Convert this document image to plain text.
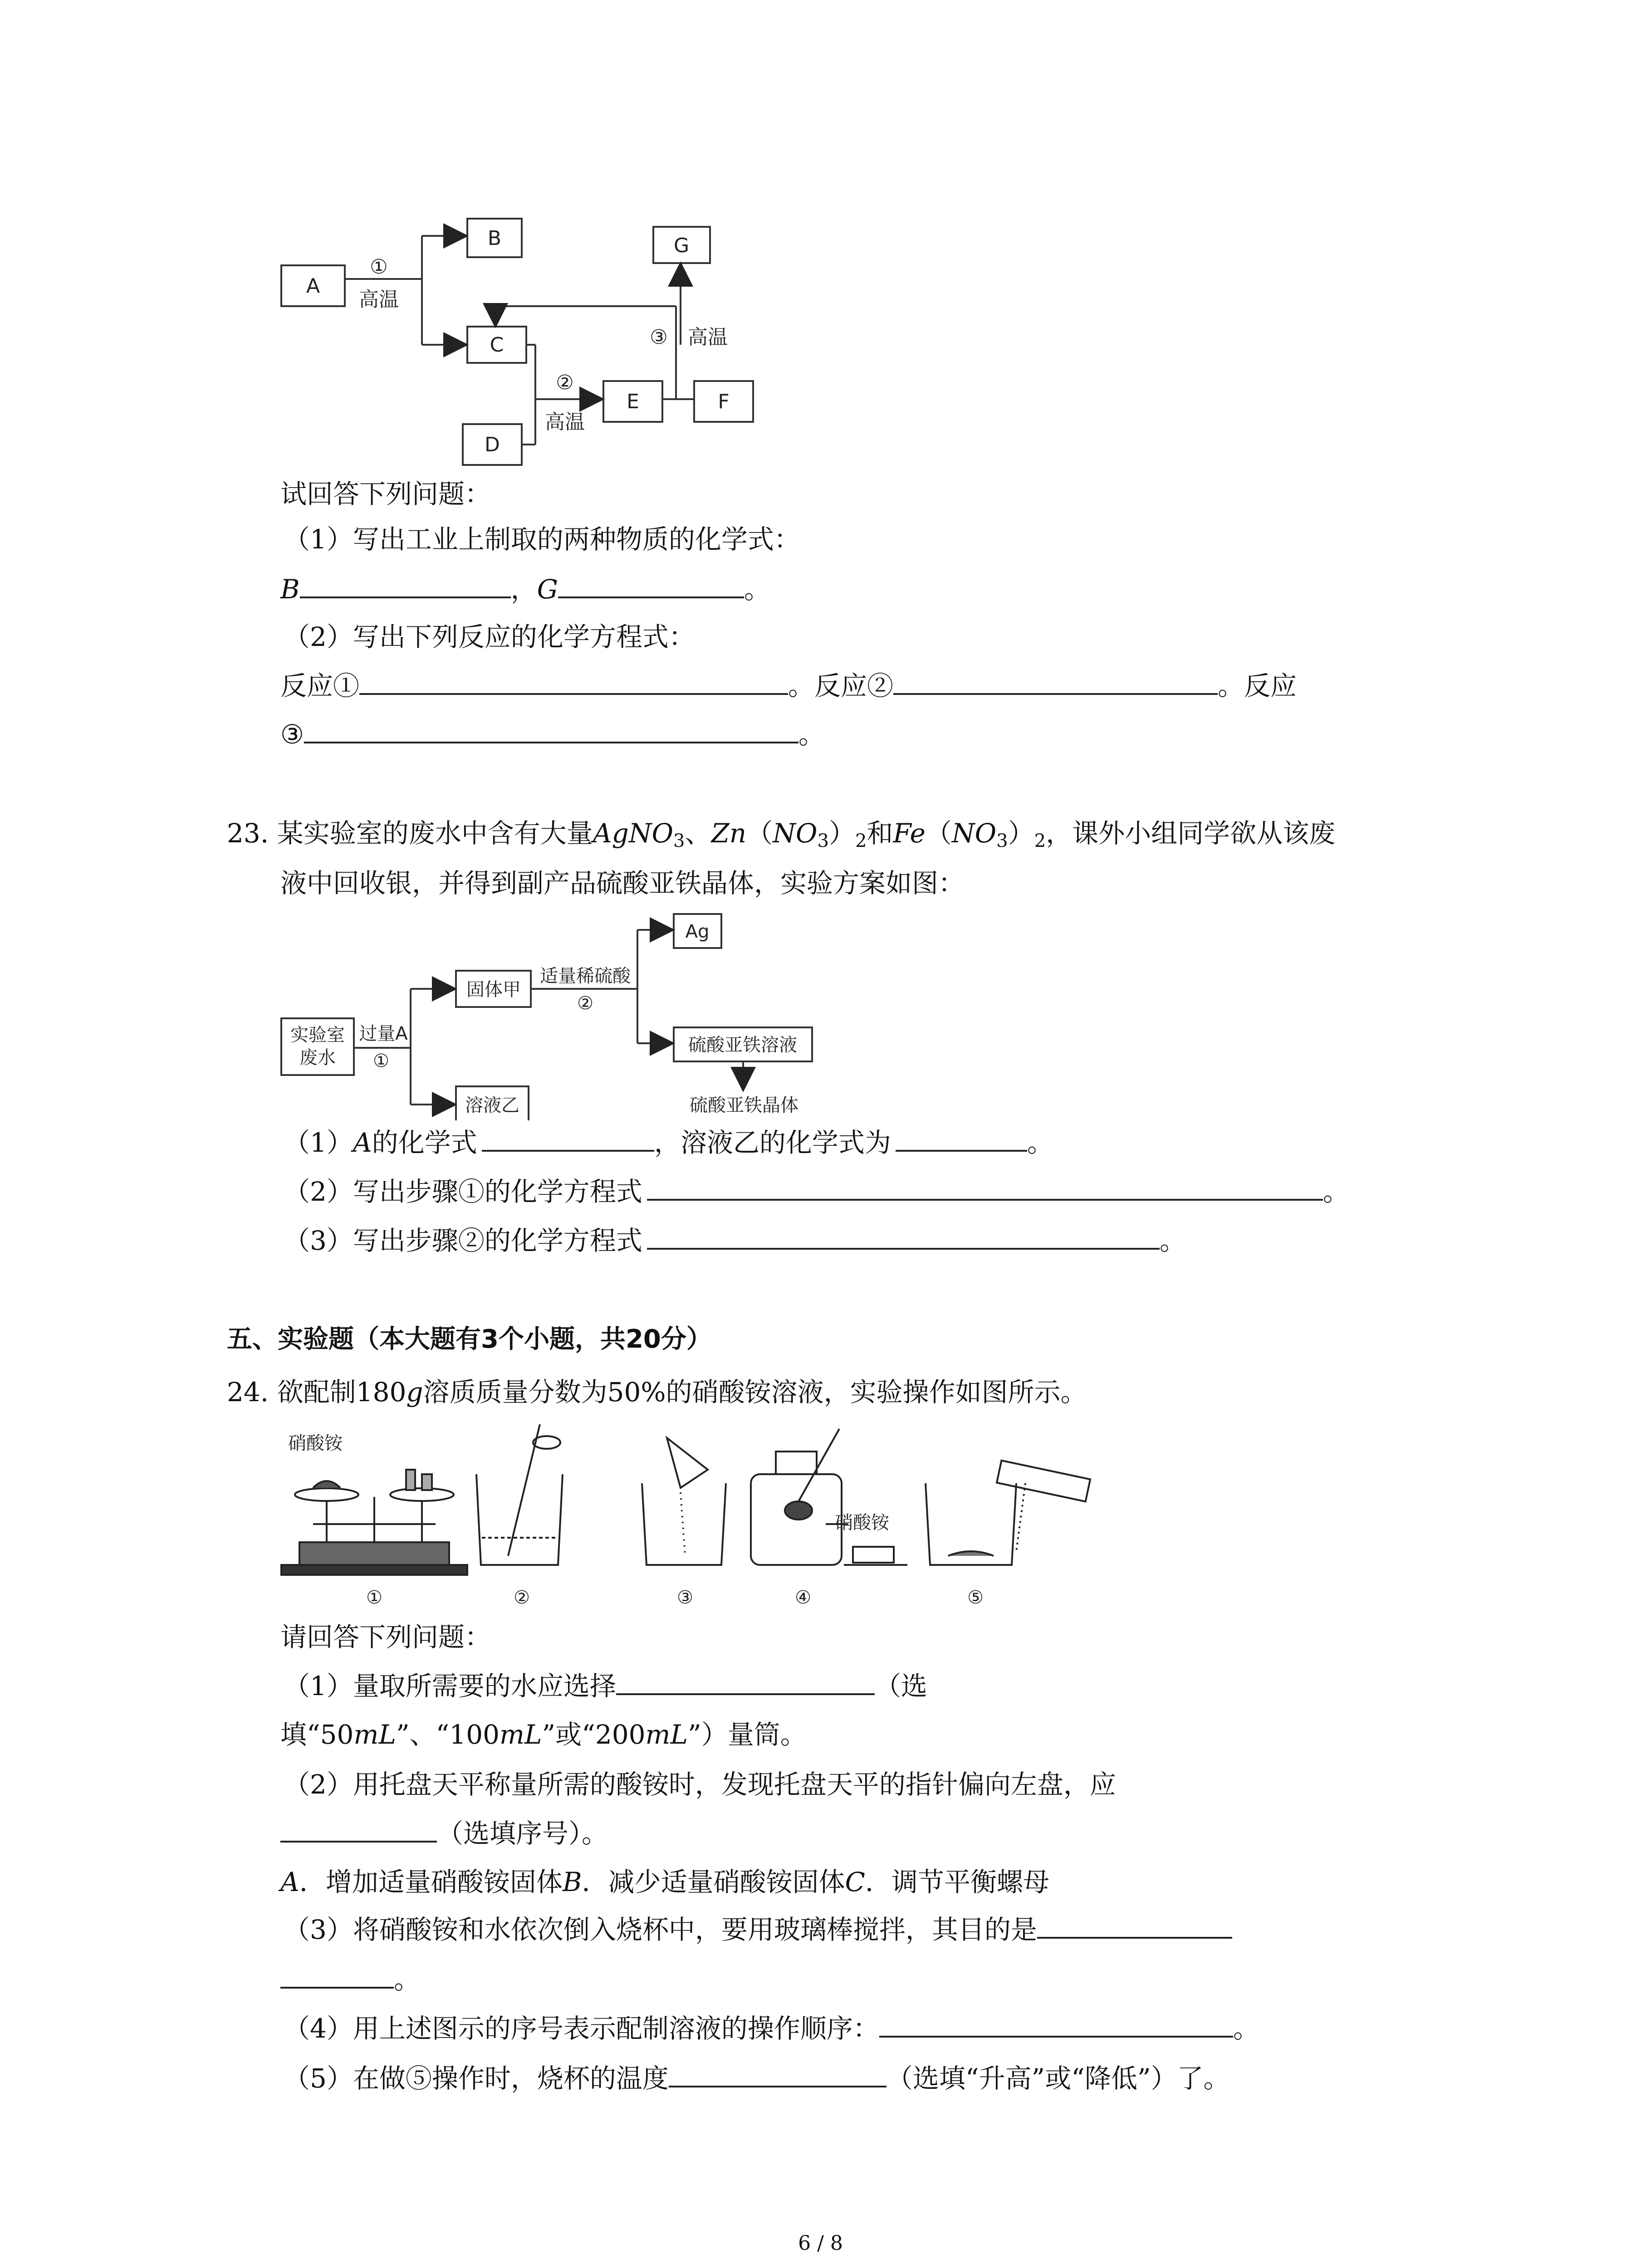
A
B	G
C
D
E	F
①
高温
②
高温
③ 高温
试回答下列问题：
（1）写出工业上制取的两种物质的化学式：
B	，G	。
（2）写出下列反应的化学方程式：
反应①	。反应②	。反应
③	。
23. 某实验室的废水中含有大量AgNO$_3$、$Zn(NO_3)_2$和$Fe(NO_3)_2$，课外小组同学欲从该废
液中回收银，并得到副产品硫酸亚铁晶体，实验方案如图：
实验室
废水
过量A
①
固体甲
适量稀硫酸
②
Ag
硫酸亚铁溶液
硫酸亚铁晶体
溶液乙
（1）A的化学式	，溶液乙的化学式为	。
（2）写出步骤①的化学方程式	。
（3）写出步骤②的化学方程式	。
五、实验题（本大题有3个小题，共20分）
24. 欲配制180g溶质质量分数为50%的硝酸铵溶液，实验操作如图所示。
硝酸铵
硝酸铵
①	②	③	④	⑤
请回答下列问题：
（1）量取所需要的水应选择	（选
填“50mL”、“100mL”或“200mL”）量筒。
（2）用托盘天平称量所需的酸铵时，发现托盘天平的指针偏向左盘，应
（选填序号）。
A．增加适量硝酸铵固体B．减少适量硝酸铵固体C．调节平衡螺母
（3）将硝酸铵和水依次倒入烧杯中，要用玻璃棒搅拌，其目的是
。
（4）用上述图示的序号表示配制溶液的操作顺序：	。
（5）在做⑤操作时，烧杯的温度	（选填“升高”或“降低”）了。
6 / 8
